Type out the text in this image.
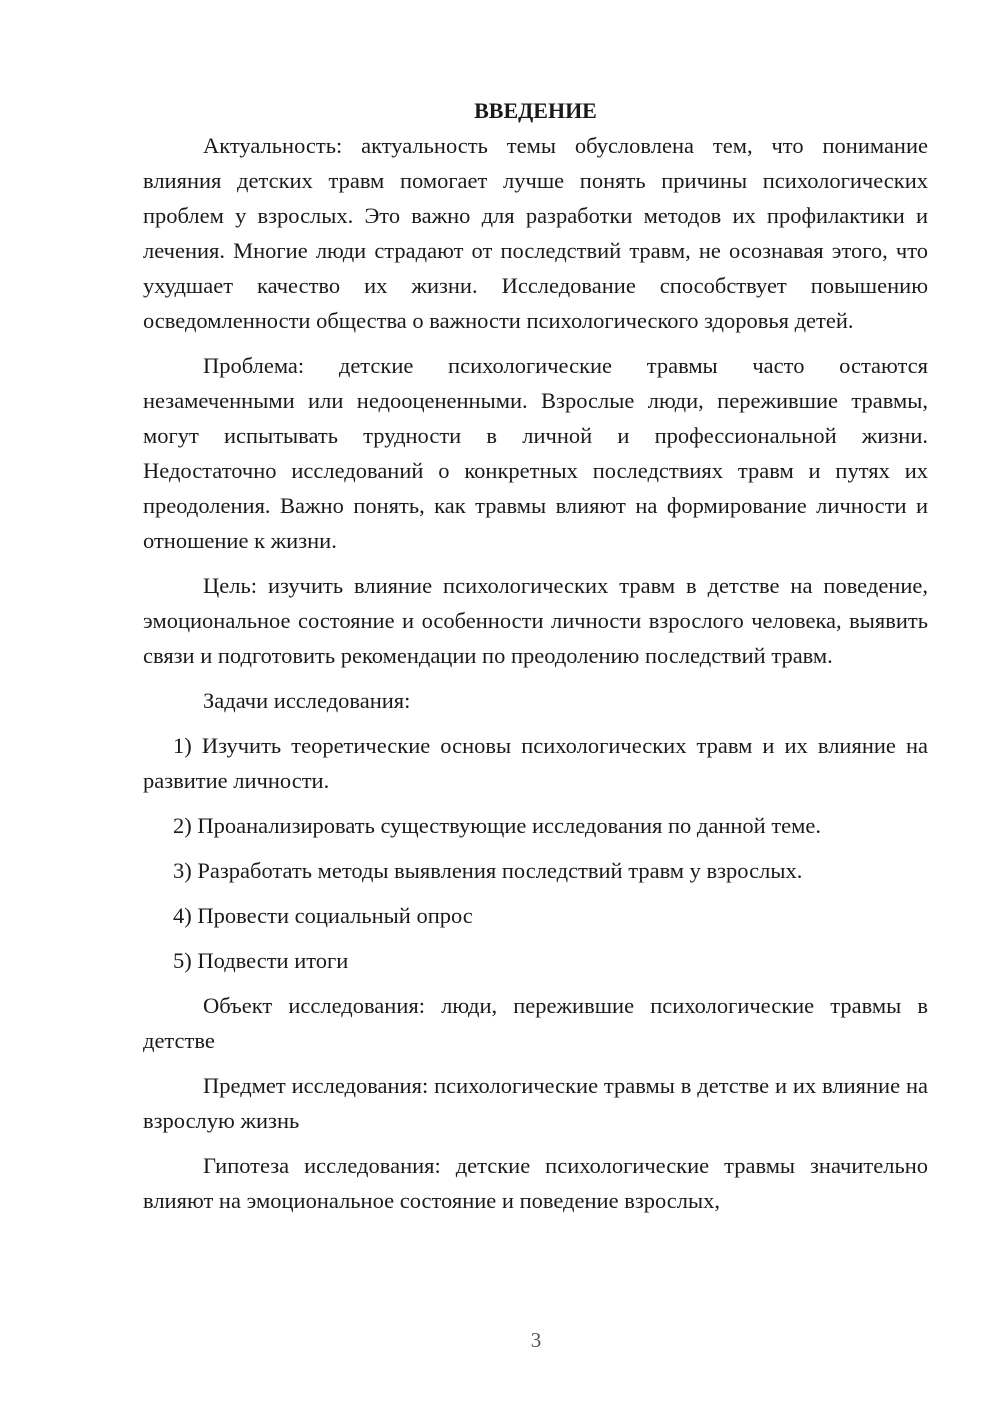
ВВЕДЕНИЕ

Актуальность: актуальность темы обусловлена тем, что понимание влияния детских травм помогает лучше понять причины психологических проблем у взрослых. Это важно для разработки методов их профилактики и лечения. Многие люди страдают от последствий травм, не осознавая этого, что ухудшает качество их жизни. Исследование способствует повышению осведомленности общества о важности психологического здоровья детей.

Проблема: детские психологические травмы часто остаются незамеченными или недооцененными. Взрослые люди, пережившие травмы, могут испытывать трудности в личной и профессиональной жизни. Недостаточно исследований о конкретных последствиях травм и путях их преодоления. Важно понять, как травмы влияют на формирование личности и отношение к жизни.

Цель: изучить влияние психологических травм в детстве на поведение, эмоциональное состояние и особенности личности взрослого человека, выявить связи и подготовить рекомендации по преодолению последствий травм.

Задачи исследования:

1) Изучить теоретические основы психологических травм и их влияние на развитие личности.

2) Проанализировать существующие исследования по данной теме.

3) Разработать методы выявления последствий травм у взрослых.

4) Провести социальный опрос

5) Подвести итоги

Объект исследования: люди, пережившие психологические травмы в детстве

Предмет исследования: психологические травмы в детстве и их влияние на взрослую жизнь

Гипотеза исследования: детские психологические травмы значительно влияют на эмоциональное состояние и поведение взрослых,

3
